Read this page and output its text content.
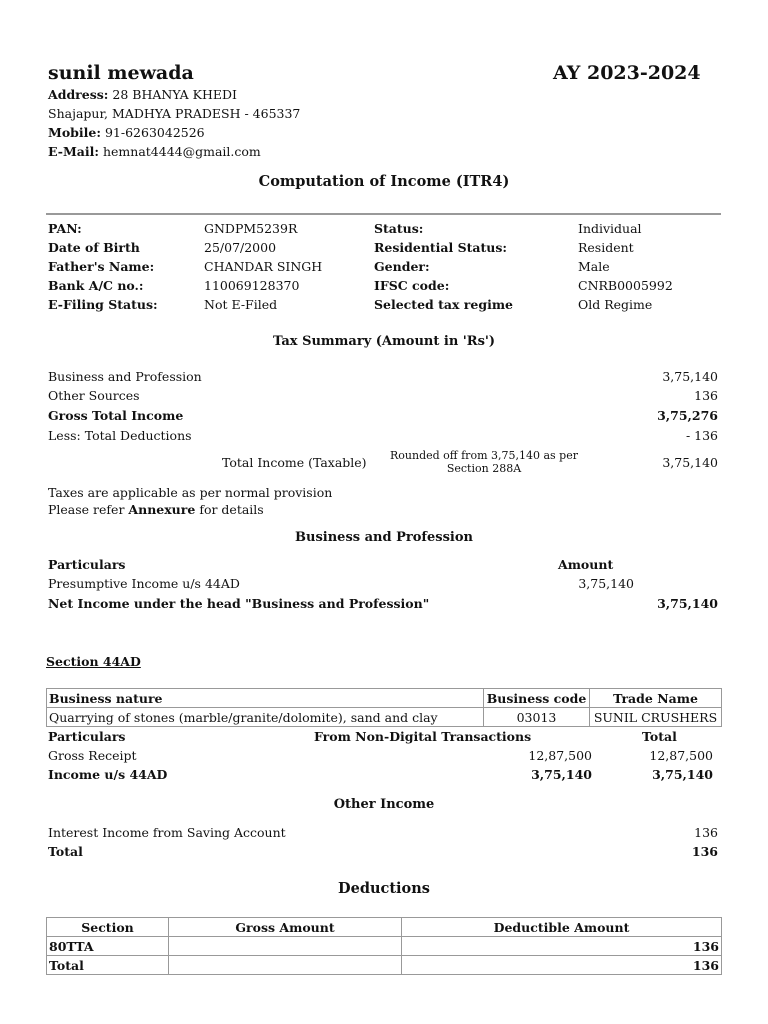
sunil mewada	AY 2023-2024
Address: 28 BHANYA KHEDI
Shajapur, MADHYA PRADESH - 465337
Mobile: 91-6263042526
E-Mail: hemnat4444@gmail.com
Computation of Income (ITR4)
PAN:	GNDPM5239R	Status:	Individual
Date of Birth	25/07/2000	Residential Status:	Resident
Father's Name:	CHANDAR SINGH	Gender:	Male
Bank A/C no.:	110069128370	IFSC code:	CNRB0005992
E-Filing Status:	Not E-Filed	Selected tax regime	Old Regime
Tax Summary (Amount in 'Rs')
Business and Profession	3,75,140
Other Sources	136
Gross Total Income	3,75,276
Less: Total Deductions	- 136
Total Income (Taxable) Rounded off from 3,75,140 as per
Section 288A	3,75,140
Taxes are applicable as per normal provision
Please refer Annexure for details
Business and Profession
Particulars	Amount
Presumptive Income u/s 44AD	3,75,140
Net Income under the head "Business and Profession"	3,75,140
Section 44AD
Business nature	Business code	Trade Name
Quarrying of stones (marble/granite/dolomite), sand and clay	03013	SUNIL CRUSHERS
Particulars	From Non-Digital Transactions	Total
Gross Receipt	12,87,500	12,87,500
Income u/s 44AD	3,75,140	3,75,140
Other Income
Interest Income from Saving Account	136
Total	136
Deductions
Section	Gross Amount	Deductible Amount
80TTA		136
Total		136
